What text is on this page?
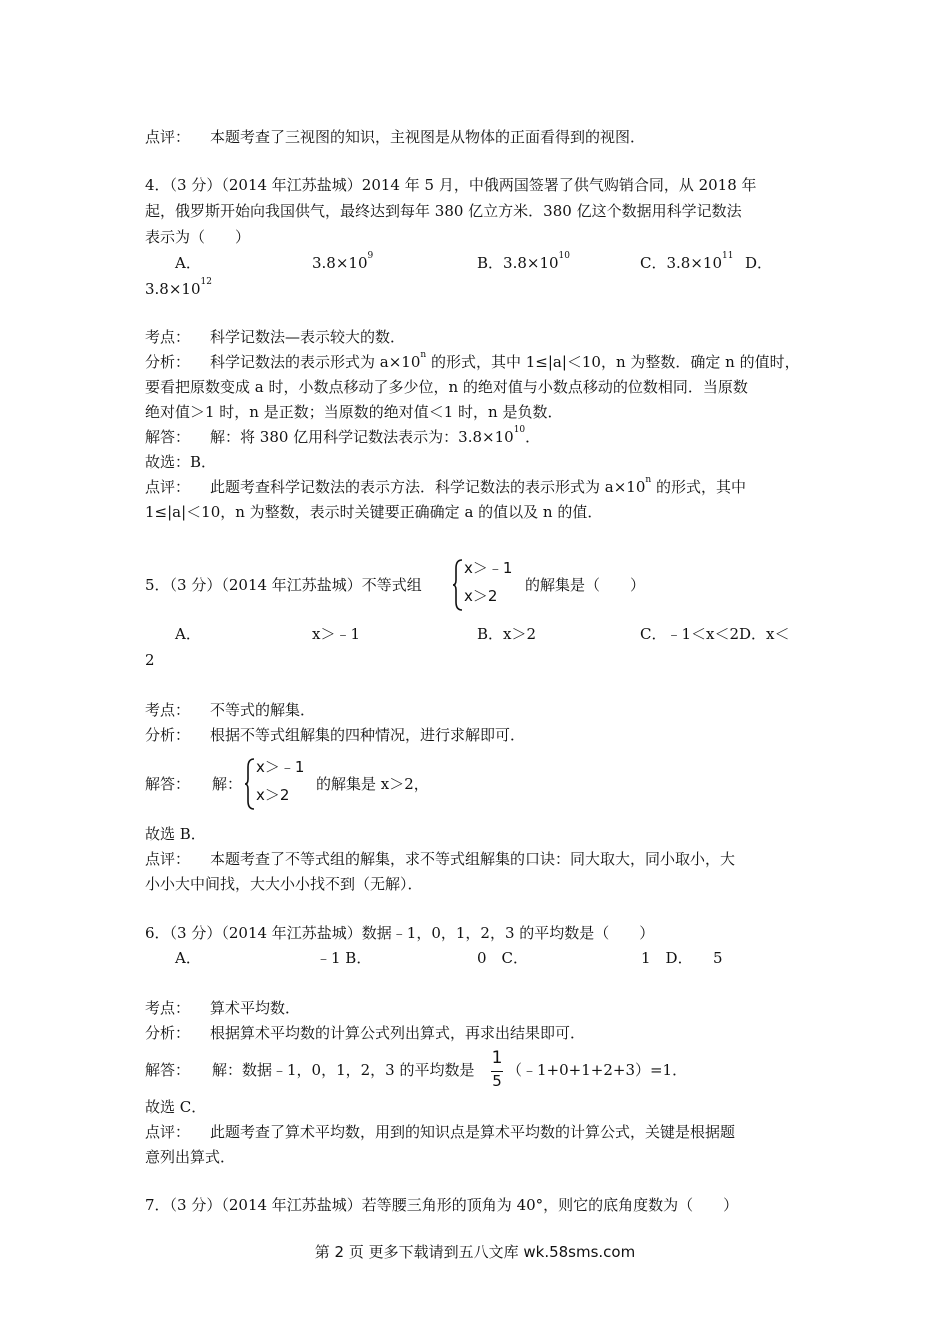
点评： 本题考查了三视图的知识，主视图是从物体的正面看得到的视图．
4．（3 分）（2014 年江苏盐城）2014 年 5 月，中俄两国签署了供气购销合同，从 2018 年
起，俄罗斯开始向我国供气，最终达到每年 380 亿立方米．380 亿这个数据用科学记数法
表示为（　　）
A．	$3.8\times 10^9$	B．$3.8\times 10^{10}$	C．$3.8\times 10^{11}$ D．
$3.8\times 10^{12}$
考点： 科学记数法—表示较大的数．
分析： 科学记数法的表示形式为 $a\times 10^n$ 的形式，其中 1≤|a|＜10，n 为整数．确定 n 的值时，
要看把原数变成 a 时，小数点移动了多少位，n 的绝对值与小数点移动的位数相同．当原数
绝对值＞1 时，n 是正数；当原数的绝对值＜1 时，n 是负数．
解答： 解：将 380 亿用科学记数法表示为：$3.8\times 10^{10}$．
故选：B．
点评： 此题考查科学记数法的表示方法．科学记数法的表示形式为 $a\times 10^n$ 的形式，其中
1≤|a|＜10，n 为整数，表示时关键要正确确定 a 的值以及 n 的值．
5．（3 分）（2014 年江苏盐城）不等式组
x＞﹣1
x＞2
的解集是（　　）
A．	x＞﹣1	B．x＞2	C．﹣1＜x＜2D．x＜
2
考点： 不等式的解集．
分析： 根据不等式组解集的四种情况，进行求解即可．
解答： 解：
x＞﹣1
x＞2
的解集是 x＞2，
故选 B．
点评： 本题考查了不等式组的解集，求不等式组解集的口诀：同大取大，同小取小，大
小小大中间找，大大小小找不到（无解）．
6．（3 分）（2014 年江苏盐城）数据﹣1，0，1，2，3 的平均数是（　　）
A．	﹣1 B．	0　C．	1　D． 5
考点： 算术平均数．
分析： 根据算术平均数的计算公式列出算式，再求出结果即可．
解答： 解：数据﹣1，0，1，2，3 的平均数是
1
5
（﹣1+0+1+2+3）=1．
故选 C．
点评： 此题考查了算术平均数，用到的知识点是算术平均数的计算公式，关键是根据题
意列出算式．
7．（3 分）（2014 年江苏盐城）若等腰三角形的顶角为 40°，则它的底角度数为（　　）
第 2 页 更多下载请到五八文库 wk.58sms.com
